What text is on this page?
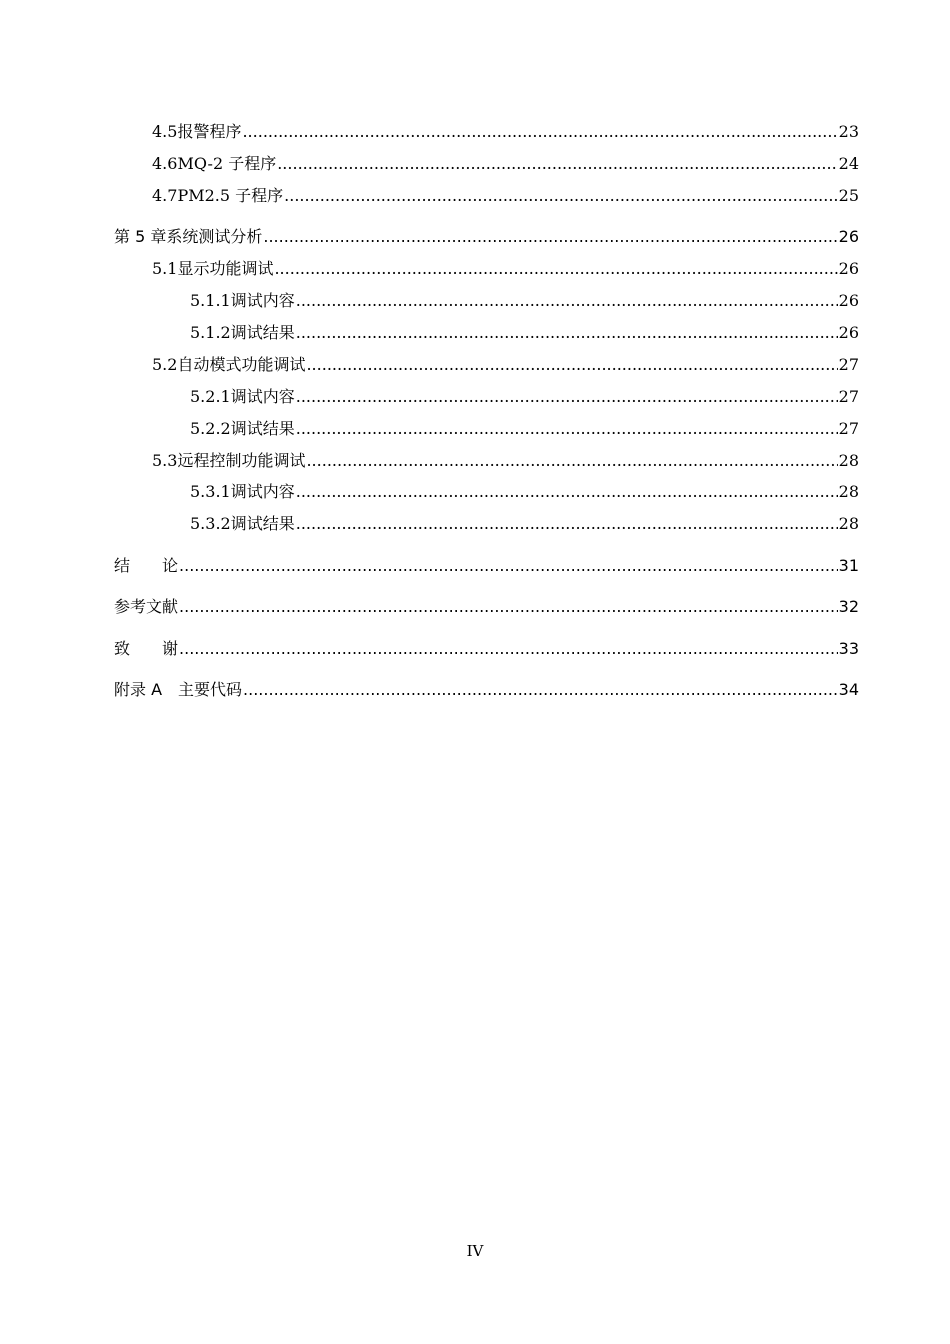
4.5 报警程序 .....	23
4.6 MQ-2 子程序 .....	24
4.7 PM2.5 子程序 .....	25
第 5 章系统测试分析 .....	26
5.1 显示功能调试 .....	26
5.1.1 调试内容 .....	26
5.1.2 调试结果 .....	26
5.2 自动模式功能调试 .....	27
5.2.1 调试内容 .....	27
5.2.2 调试结果 .....	27
5.3 远程控制功能调试 .....	28
5.3.1 调试内容 .....	28
5.3.2 调试结果 .....	28
结　　论 .....	31
参考文献 .....	32
致　　谢 .....	33
附录 A　主要代码 .....	34
IV
